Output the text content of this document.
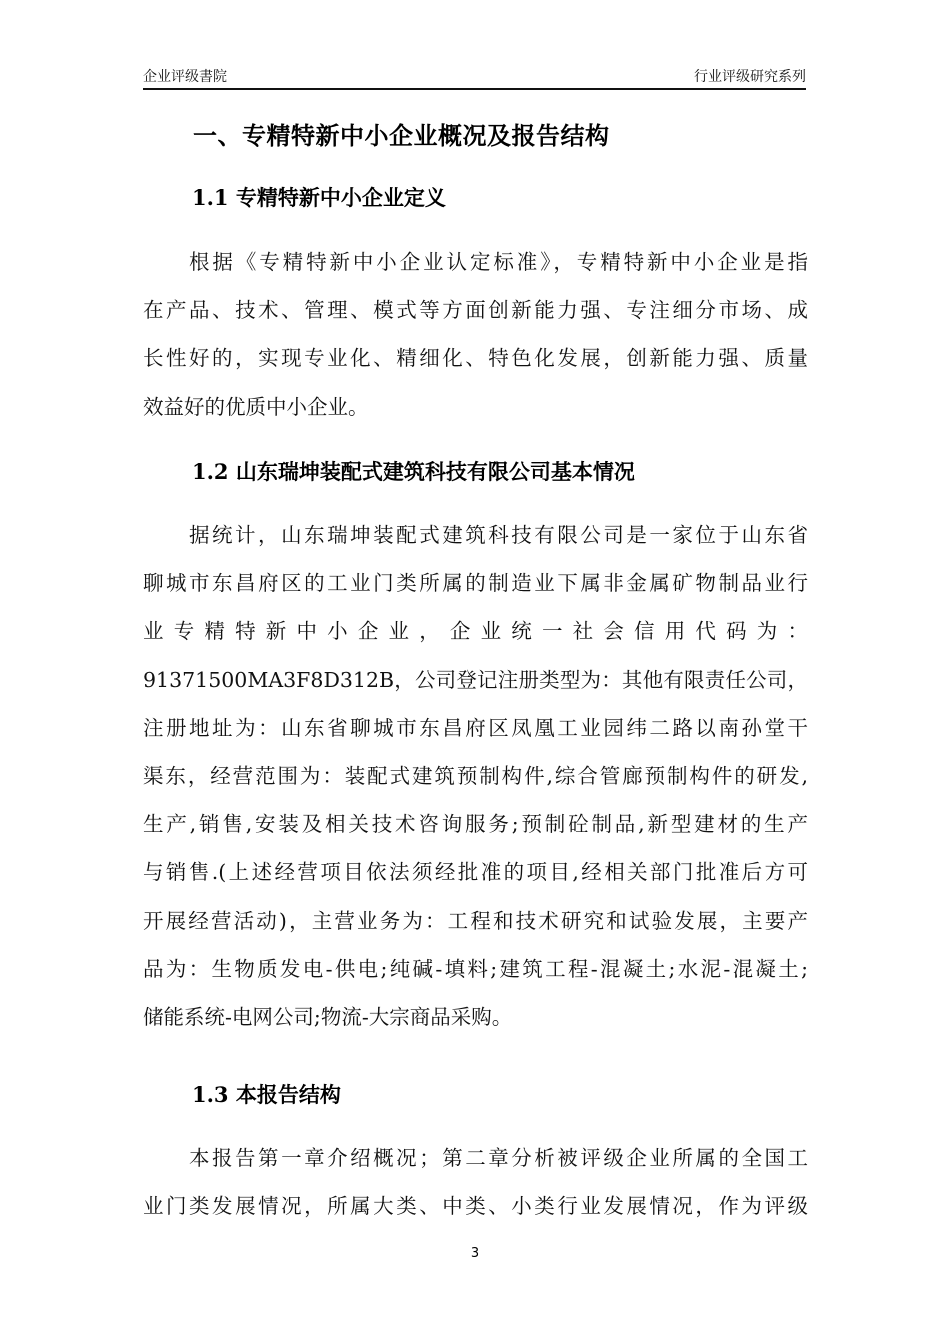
企业评级書院	行业评级研究系列
一、专精特新中小企业概况及报告结构
1.1 专精特新中小企业定义
根据《专精特新中小企业认定标准》，专精特新中小企业是指
在产品、技术、管理、模式等方面创新能力强、专注细分市场、成
长性好的，实现专业化、精细化、特色化发展，创新能力强、质量
效益好的优质中小企业。
1.2 山东瑞坤装配式建筑科技有限公司基本情况
据统计，山东瑞坤装配式建筑科技有限公司是一家位于山东省
聊城市东昌府区的工业门类所属的制造业下属非金属矿物制品业行
业专精特新中小企业，企业统一社会信用代码为：
91371500MA3F8D312B，公司登记注册类型为：其他有限责任公司，
注册地址为：山东省聊城市东昌府区凤凰工业园纬二路以南孙堂干
渠东，经营范围为：装配式建筑预制构件,综合管廊预制构件的研发,
生产,销售,安装及相关技术咨询服务;预制砼制品,新型建材的生产
与销售.(上述经营项目依法须经批准的项目,经相关部门批准后方可
开展经营活动)，主营业务为：工程和技术研究和试验发展，主要产
品为：生物质发电-供电;纯碱-填料;建筑工程-混凝土;水泥-混凝土;
储能系统-电网公司;物流-大宗商品采购。
1.3 本报告结构
本报告第一章介绍概况；第二章分析被评级企业所属的全国工
业门类发展情况，所属大类、中类、小类行业发展情况，作为评级
3
